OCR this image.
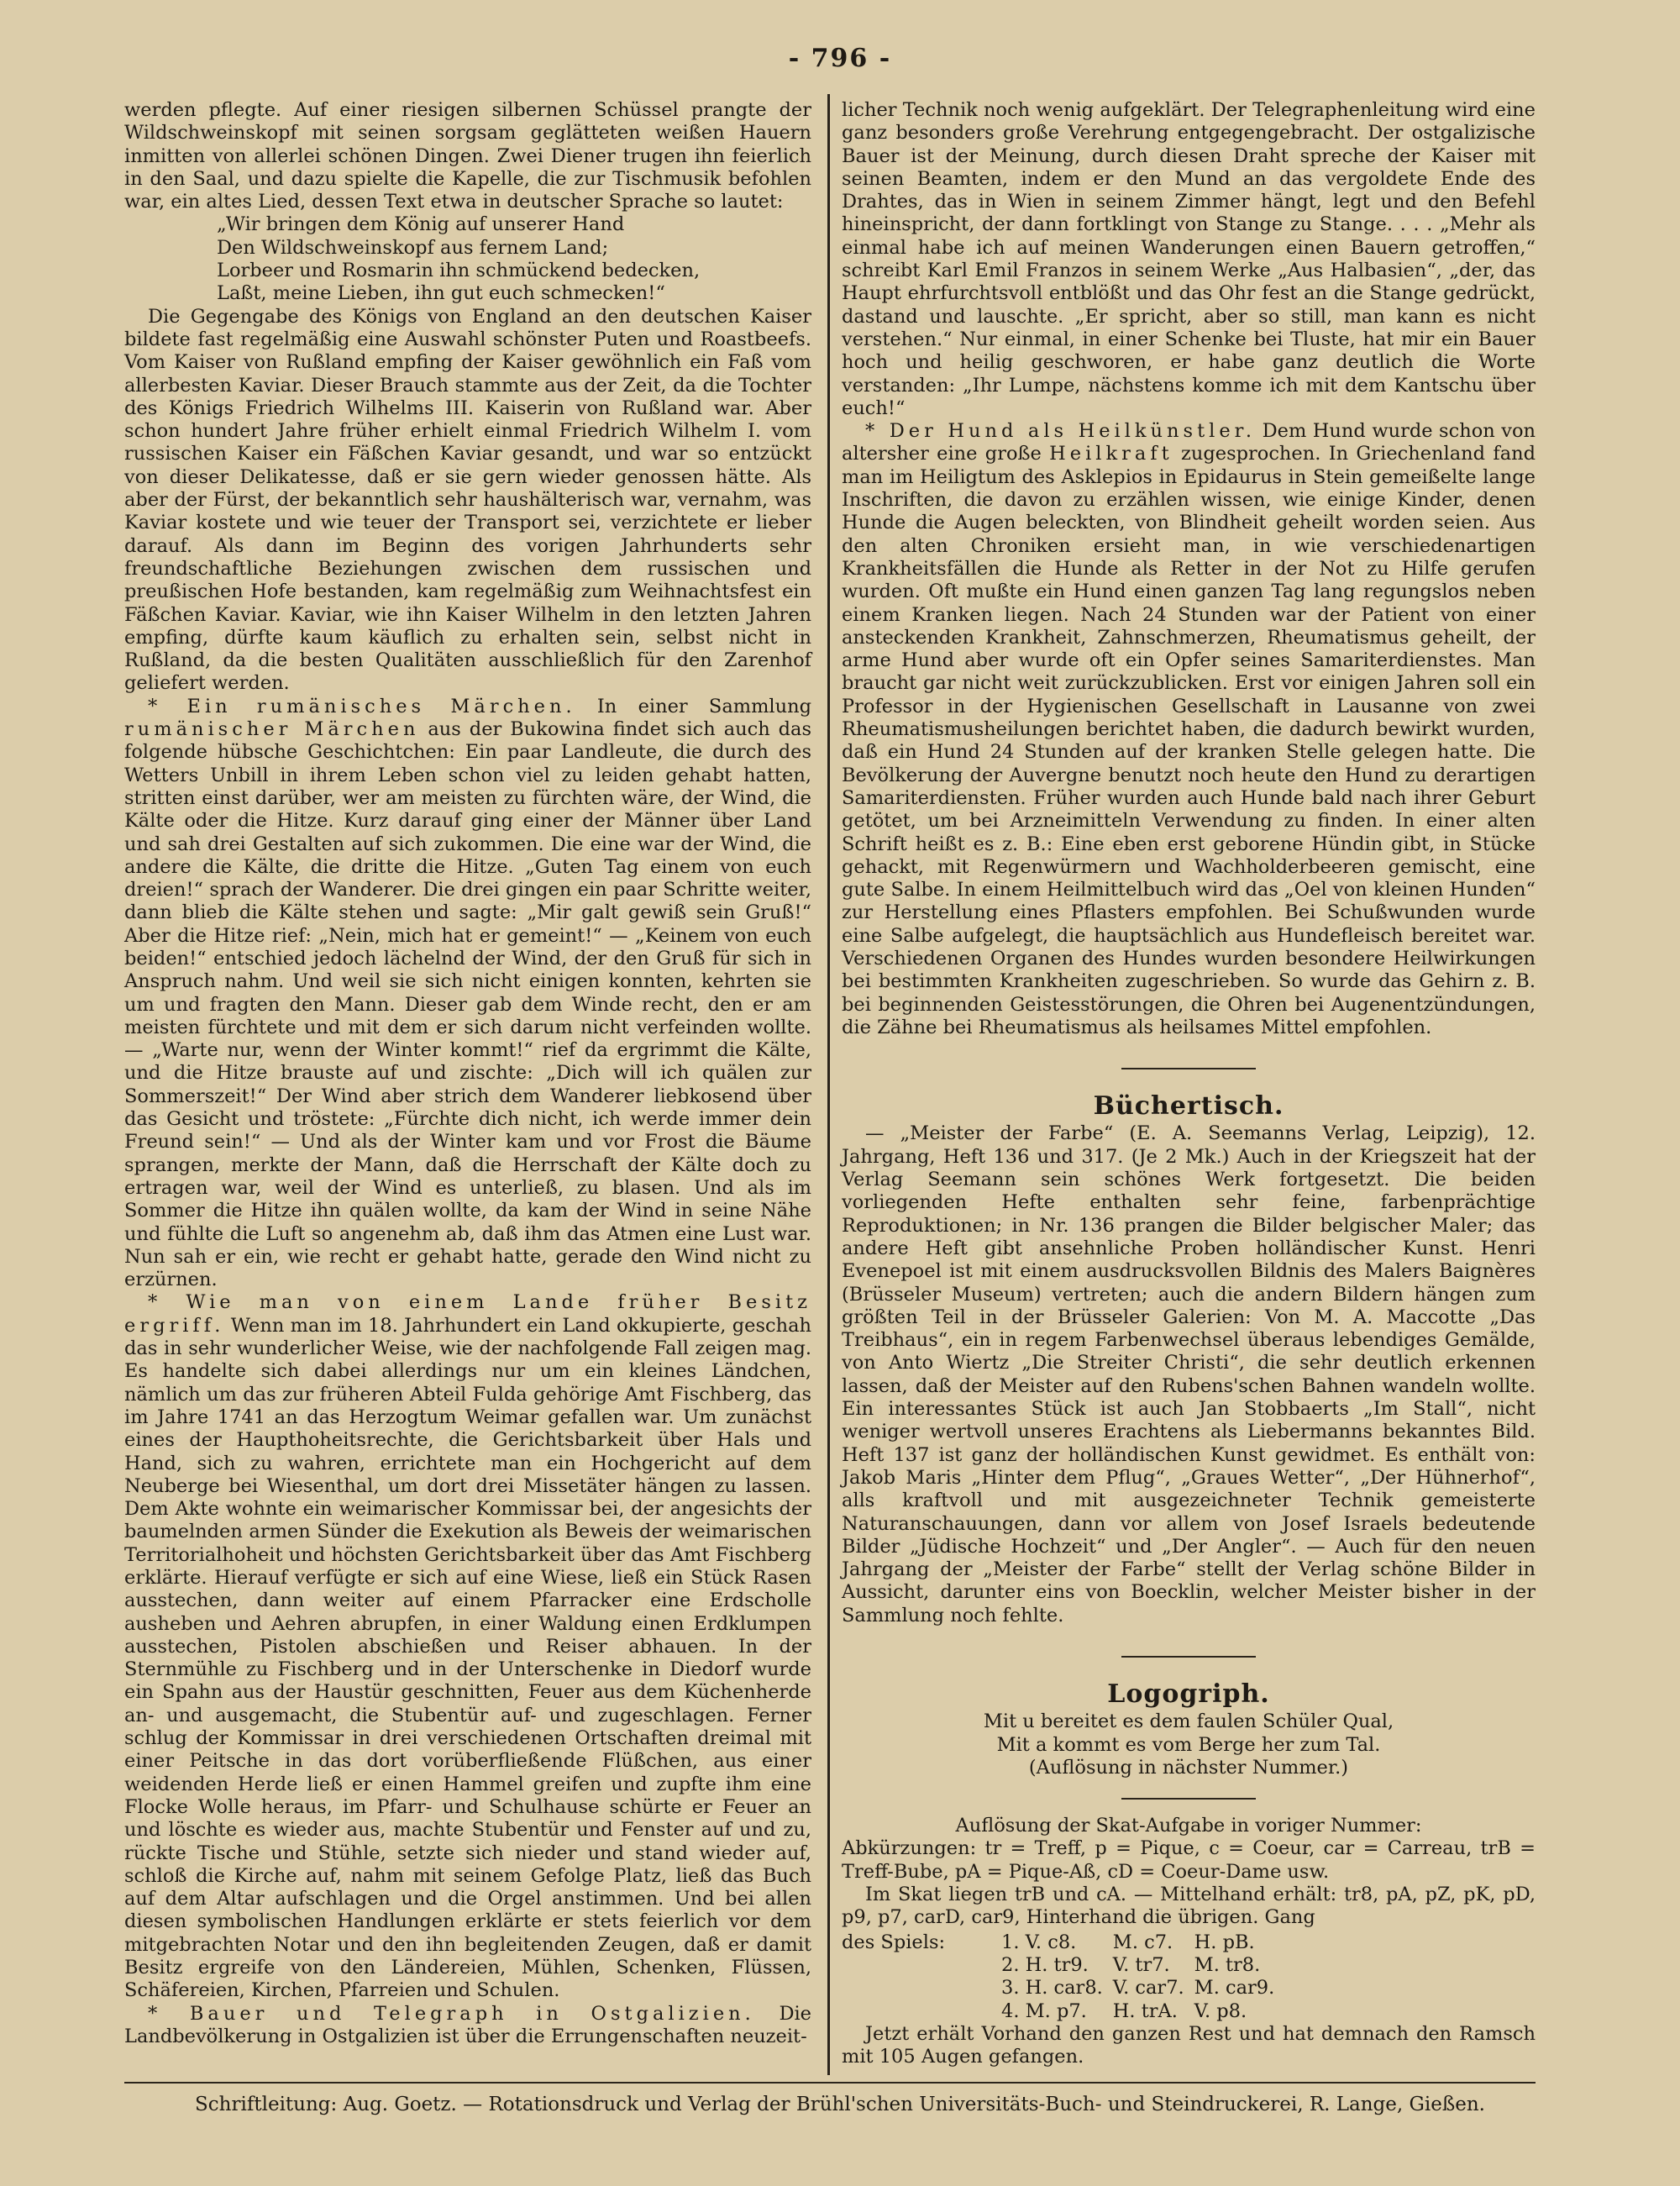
- 796 -

werden pflegte. Auf einer riesigen silbernen Schüssel prangte der Wildschweinskopf mit seinen sorgsam geglätteten weißen Hauern inmitten von allerlei schönen Dingen. Zwei Diener trugen ihn feierlich in den Saal, und dazu spielte die Kapelle, die zur Tischmusik befohlen war, ein altes Lied, dessen Text etwa in deutscher Sprache so lautet:

„Wir bringen dem König auf unserer Hand
Den Wildschweinskopf aus fernem Land;
Lorbeer und Rosmarin ihn schmückend bedecken,
Laßt, meine Lieben, ihn gut euch schmecken!“

Die Gegengabe des Königs von England an den deutschen Kaiser bildete fast regelmäßig eine Auswahl schönster Puten und Roastbeefs. Vom Kaiser von Rußland empfing der Kaiser gewöhnlich ein Faß vom allerbesten Kaviar. Dieser Brauch stammte aus der Zeit, da die Tochter des Königs Friedrich Wilhelms III. Kaiserin von Rußland war. Aber schon hundert Jahre früher erhielt einmal Friedrich Wilhelm I. vom russischen Kaiser ein Fäßchen Kaviar gesandt, und war so entzückt von dieser Delikatesse, daß er sie gern wieder genossen hätte. Als aber der Fürst, der bekanntlich sehr haushälterisch war, vernahm, was Kaviar kostete und wie teuer der Transport sei, verzichtete er lieber darauf. Als dann im Beginn des vorigen Jahrhunderts sehr freundschaftliche Beziehungen zwischen dem russischen und preußischen Hofe bestanden, kam regelmäßig zum Weihnachtsfest ein Fäßchen Kaviar. Kaviar, wie ihn Kaiser Wilhelm in den letzten Jahren empfing, dürfte kaum käuflich zu erhalten sein, selbst nicht in Rußland, da die besten Qualitäten ausschließlich für den Zarenhof geliefert werden.

* Ein rumänisches Märchen. In einer Sammlung rumänischer Märchen aus der Bukowina findet sich auch das folgende hübsche Geschichtchen: Ein paar Landleute, die durch des Wetters Unbill in ihrem Leben schon viel zu leiden gehabt hatten, stritten einst darüber, wer am meisten zu fürchten wäre, der Wind, die Kälte oder die Hitze. Kurz darauf ging einer der Männer über Land und sah drei Gestalten auf sich zukommen. Die eine war der Wind, die andere die Kälte, die dritte die Hitze. „Guten Tag einem von euch dreien!“ sprach der Wanderer. Die drei gingen ein paar Schritte weiter, dann blieb die Kälte stehen und sagte: „Mir galt gewiß sein Gruß!“ Aber die Hitze rief: „Nein, mich hat er gemeint!“ — „Keinem von euch beiden!“ entschied jedoch lächelnd der Wind, der den Gruß für sich in Anspruch nahm. Und weil sie sich nicht einigen konnten, kehrten sie um und fragten den Mann. Dieser gab dem Winde recht, den er am meisten fürchtete und mit dem er sich darum nicht verfeinden wollte. — „Warte nur, wenn der Winter kommt!“ rief da ergrimmt die Kälte, und die Hitze brauste auf und zischte: „Dich will ich quälen zur Sommerszeit!“ Der Wind aber strich dem Wanderer liebkosend über das Gesicht und tröstete: „Fürchte dich nicht, ich werde immer dein Freund sein!“ — Und als der Winter kam und vor Frost die Bäume sprangen, merkte der Mann, daß die Herrschaft der Kälte doch zu ertragen war, weil der Wind es unterließ, zu blasen. Und als im Sommer die Hitze ihn quälen wollte, da kam der Wind in seine Nähe und fühlte die Luft so angenehm ab, daß ihm das Atmen eine Lust war. Nun sah er ein, wie recht er gehabt hatte, gerade den Wind nicht zu erzürnen.

* Wie man von einem Lande früher Besitz ergriff. Wenn man im 18. Jahrhundert ein Land okkupierte, geschah das in sehr wunderlicher Weise, wie der nachfolgende Fall zeigen mag. Es handelte sich dabei allerdings nur um ein kleines Ländchen, nämlich um das zur früheren Abteil Fulda gehörige Amt Fischberg, das im Jahre 1741 an das Herzogtum Weimar gefallen war. Um zunächst eines der Haupthoheitsrechte, die Gerichtsbarkeit über Hals und Hand, sich zu wahren, errichtete man ein Hochgericht auf dem Neuberge bei Wiesenthal, um dort drei Missetäter hängen zu lassen. Dem Akte wohnte ein weimarischer Kommissar bei, der angesichts der baumelnden armen Sünder die Exekution als Beweis der weimarischen Territorialhoheit und höchsten Gerichtsbarkeit über das Amt Fischberg erklärte. Hierauf verfügte er sich auf eine Wiese, ließ ein Stück Rasen ausstechen, dann weiter auf einem Pfarracker eine Erdscholle ausheben und Aehren abrupfen, in einer Waldung einen Erdklumpen ausstechen, Pistolen abschießen und Reiser abhauen. In der Sternmühle zu Fischberg und in der Unterschenke in Diedorf wurde ein Spahn aus der Haustür geschnitten, Feuer aus dem Küchenherde an- und ausgemacht, die Stubentür auf- und zugeschlagen. Ferner schlug der Kommissar in drei verschiedenen Ortschaften dreimal mit einer Peitsche in das dort vorüberfließende Flüßchen, aus einer weidenden Herde ließ er einen Hammel greifen und zupfte ihm eine Flocke Wolle heraus, im Pfarr- und Schulhause schürte er Feuer an und löschte es wieder aus, machte Stubentür und Fenster auf und zu, rückte Tische und Stühle, setzte sich nieder und stand wieder auf, schloß die Kirche auf, nahm mit seinem Gefolge Platz, ließ das Buch auf dem Altar aufschlagen und die Orgel anstimmen. Und bei allen diesen symbolischen Handlungen erklärte er stets feierlich vor dem mitgebrachten Notar und den ihn begleitenden Zeugen, daß er damit Besitz ergreife von den Ländereien, Mühlen, Schenken, Flüssen, Schäfereien, Kirchen, Pfarreien und Schulen.

* Bauer und Telegraph in Ostgalizien. Die Landbevölkerung in Ostgalizien ist über die Errungenschaften neuzeit-

licher Technik noch wenig aufgeklärt. Der Telegraphenleitung wird eine ganz besonders große Verehrung entgegengebracht. Der ostgalizische Bauer ist der Meinung, durch diesen Draht spreche der Kaiser mit seinen Beamten, indem er den Mund an das vergoldete Ende des Drahtes, das in Wien in seinem Zimmer hängt, legt und den Befehl hineinspricht, der dann fortklingt von Stange zu Stange. . . . „Mehr als einmal habe ich auf meinen Wanderungen einen Bauern getroffen,“ schreibt Karl Emil Franzos in seinem Werke „Aus Halbasien“, „der, das Haupt ehrfurchtsvoll entblößt und das Ohr fest an die Stange gedrückt, dastand und lauschte. „Er spricht, aber so still, man kann es nicht verstehen.“ Nur einmal, in einer Schenke bei Tluste, hat mir ein Bauer hoch und heilig geschworen, er habe ganz deutlich die Worte verstanden: „Ihr Lumpe, nächstens komme ich mit dem Kantschu über euch!“

* Der Hund als Heilkünstler. Dem Hund wurde schon von altersher eine große Heilkraft zugesprochen. In Griechenland fand man im Heiligtum des Asklepios in Epidaurus in Stein gemeißelte lange Inschriften, die davon zu erzählen wissen, wie einige Kinder, denen Hunde die Augen beleckten, von Blindheit geheilt worden seien. Aus den alten Chroniken ersieht man, in wie verschiedenartigen Krankheitsfällen die Hunde als Retter in der Not zu Hilfe gerufen wurden. Oft mußte ein Hund einen ganzen Tag lang regungslos neben einem Kranken liegen. Nach 24 Stunden war der Patient von einer ansteckenden Krankheit, Zahnschmerzen, Rheumatismus geheilt, der arme Hund aber wurde oft ein Opfer seines Samariterdienstes. Man braucht gar nicht weit zurückzublicken. Erst vor einigen Jahren soll ein Professor in der Hygienischen Gesellschaft in Lausanne von zwei Rheumatismusheilungen berichtet haben, die dadurch bewirkt wurden, daß ein Hund 24 Stunden auf der kranken Stelle gelegen hatte. Die Bevölkerung der Auvergne benutzt noch heute den Hund zu derartigen Samariterdiensten. Früher wurden auch Hunde bald nach ihrer Geburt getötet, um bei Arzneimitteln Verwendung zu finden. In einer alten Schrift heißt es z. B.: Eine eben erst geborene Hündin gibt, in Stücke gehackt, mit Regenwürmern und Wachholderbeeren gemischt, eine gute Salbe. In einem Heilmittelbuch wird das „Oel von kleinen Hunden“ zur Herstellung eines Pflasters empfohlen. Bei Schußwunden wurde eine Salbe aufgelegt, die hauptsächlich aus Hundefleisch bereitet war. Verschiedenen Organen des Hundes wurden besondere Heilwirkungen bei bestimmten Krankheiten zugeschrieben. So wurde das Gehirn z. B. bei beginnenden Geistesstörungen, die Ohren bei Augenentzündungen, die Zähne bei Rheumatismus als heilsames Mittel empfohlen.

Büchertisch.

— „Meister der Farbe“ (E. A. Seemanns Verlag, Leipzig), 12. Jahrgang, Heft 136 und 317. (Je 2 Mk.) Auch in der Kriegszeit hat der Verlag Seemann sein schönes Werk fortgesetzt. Die beiden vorliegenden Hefte enthalten sehr feine, farbenprächtige Reproduktionen; in Nr. 136 prangen die Bilder belgischer Maler; das andere Heft gibt ansehnliche Proben holländischer Kunst. Henri Evenepoel ist mit einem ausdrucksvollen Bildnis des Malers Baignères (Brüsseler Museum) vertreten; auch die andern Bildern hängen zum größten Teil in der Brüsseler Galerien: Von M. A. Maccotte „Das Treibhaus“, ein in regem Farbenwechsel überaus lebendiges Gemälde, von Anto Wiertz „Die Streiter Christi“, die sehr deutlich erkennen lassen, daß der Meister auf den Rubens'schen Bahnen wandeln wollte. Ein interessantes Stück ist auch Jan Stobbaerts „Im Stall“, nicht weniger wertvoll unseres Erachtens als Liebermanns bekanntes Bild. Heft 137 ist ganz der holländischen Kunst gewidmet. Es enthält von: Jakob Maris „Hinter dem Pflug“, „Graues Wetter“, „Der Hühnerhof“, alls kraftvoll und mit ausgezeichneter Technik gemeisterte Naturanschauungen, dann vor allem von Josef Israels bedeutende Bilder „Jüdische Hochzeit“ und „Der Angler“. — Auch für den neuen Jahrgang der „Meister der Farbe“ stellt der Verlag schöne Bilder in Aussicht, darunter eins von Boecklin, welcher Meister bisher in der Sammlung noch fehlte.

Logogriph.

Mit u bereitet es dem faulen Schüler Qual,

Mit a kommt es vom Berge her zum Tal.

(Auflösung in nächster Nummer.)

Auflösung der Skat-Aufgabe in voriger Nummer:

Abkürzungen: tr = Treff, p = Pique, c = Coeur, car = Carreau, trB = Treff-Bube, pA = Pique-Aß, cD = Coeur-Dame usw.

Im Skat liegen trB und cA. — Mittelhand erhält: tr8, pA, pZ, pK, pD, p9, p7, carD, car9, Hinterhand die übrigen. Gang

des Spiels:	1. V. c8.	M. c7.	H. pB.
	2. H. tr9.	V. tr7.	M. tr8.
	3. H. car8.	V. car7.	M. car9.
	4. M. p7.	H. trA.	V. p8.

Jetzt erhält Vorhand den ganzen Rest und hat demnach den Ramsch mit 105 Augen gefangen.

Schriftleitung: Aug. Goetz. — Rotationsdruck und Verlag der Brühl'schen Universitäts-Buch- und Steindruckerei, R. Lange, Gießen.
